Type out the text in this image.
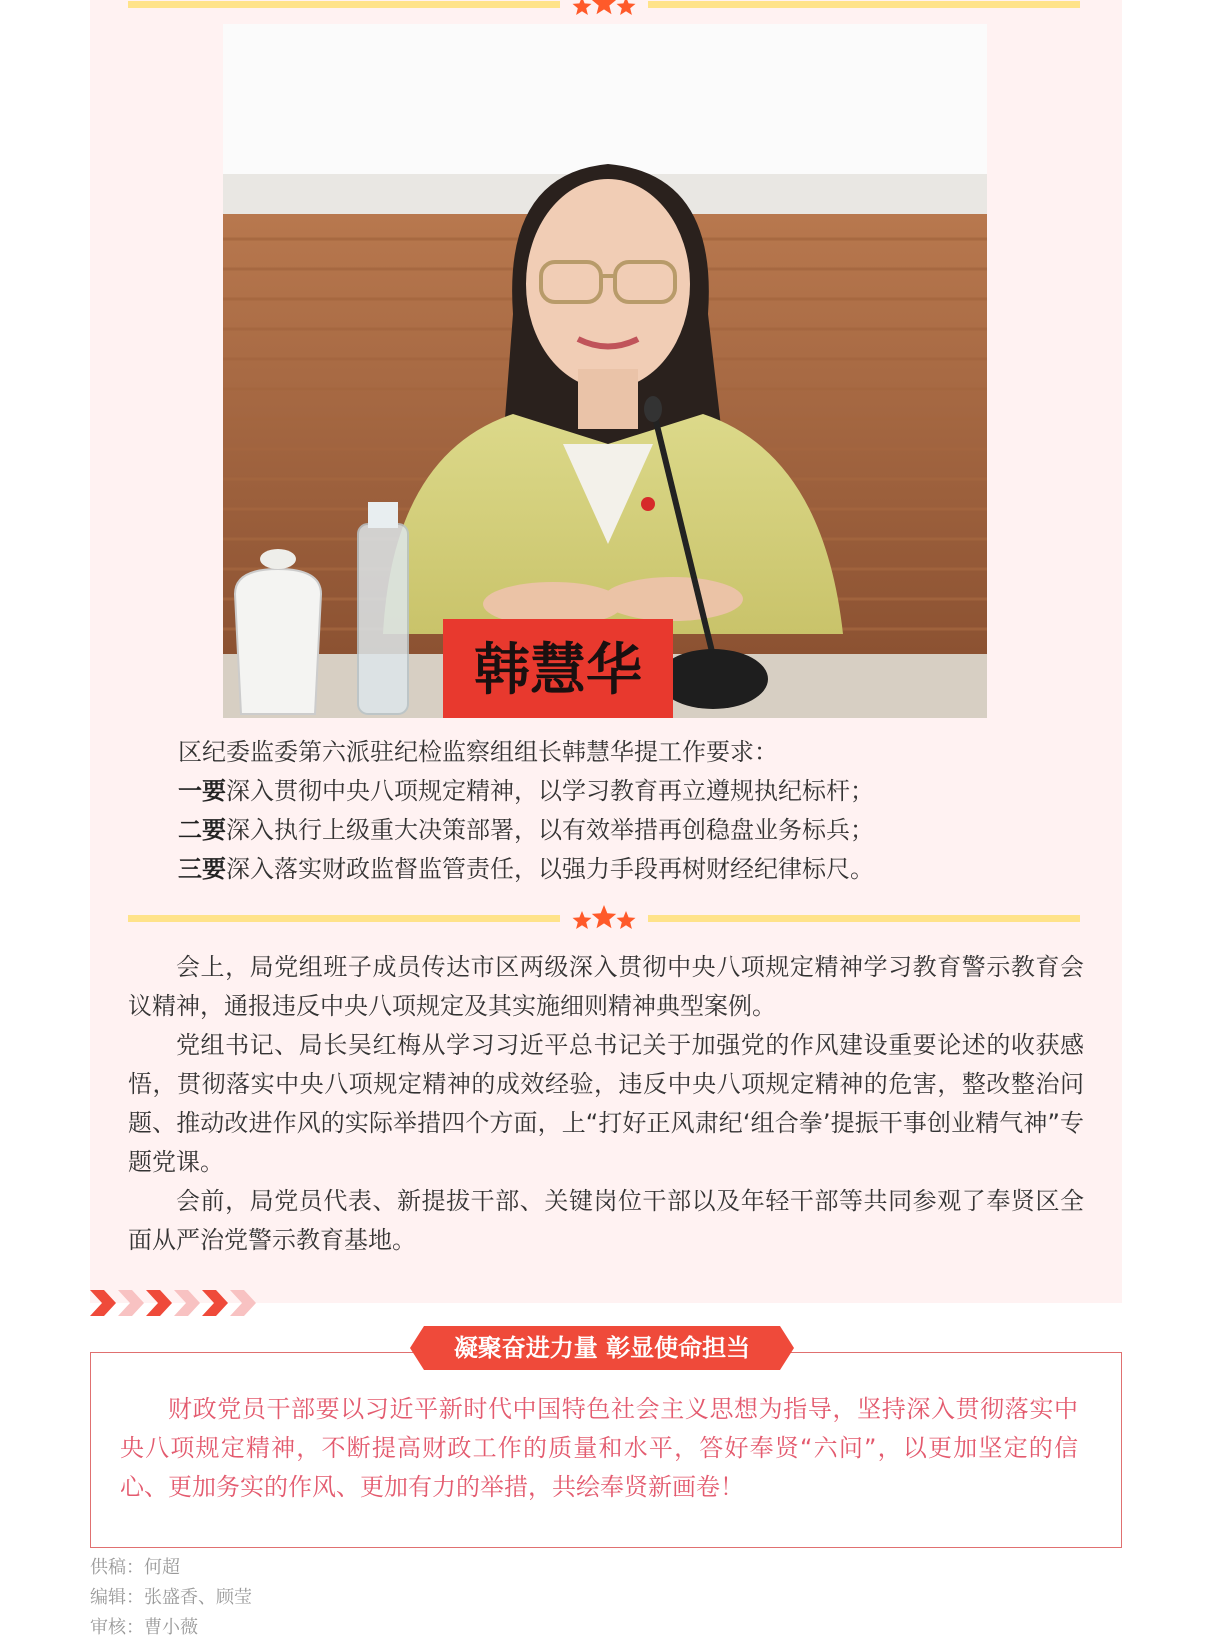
韩慧华

区纪委监委第六派驻纪检监察组组长韩慧华提工作要求：

一要深入贯彻中央八项规定精神，以学习教育再立遵规执纪标杆；

二要深入执行上级重大决策部署，以有效举措再创稳盘业务标兵；

三要深入落实财政监督监管责任，以强力手段再树财经纪律标尺。

会上，局党组班子成员传达市区两级深入贯彻中央八项规定精神学习教育警示教育会议精神，通报违反中央八项规定及其实施细则精神典型案例。

党组书记、局长吴红梅从学习习近平总书记关于加强党的作风建设重要论述的收获感悟，贯彻落实中央八项规定精神的成效经验，违反中央八项规定精神的危害，整改整治问题、推动改进作风的实际举措四个方面，上“打好正风肃纪‘组合拳’提振干事创业精气神”专题党课。

会前，局党员代表、新提拔干部、关键岗位干部以及年轻干部等共同参观了奉贤区全面从严治党警示教育基地。

凝聚奋进力量 彰显使命担当

财政党员干部要以习近平新时代中国特色社会主义思想为指导，坚持深入贯彻落实中央八项规定精神，不断提高财政工作的质量和水平，答好奉贤“六问”，以更加坚定的信心、更加务实的作风、更加有力的举措，共绘奉贤新画卷！

供稿：何超
编辑：张盛香、顾莹
审核：曹小薇
